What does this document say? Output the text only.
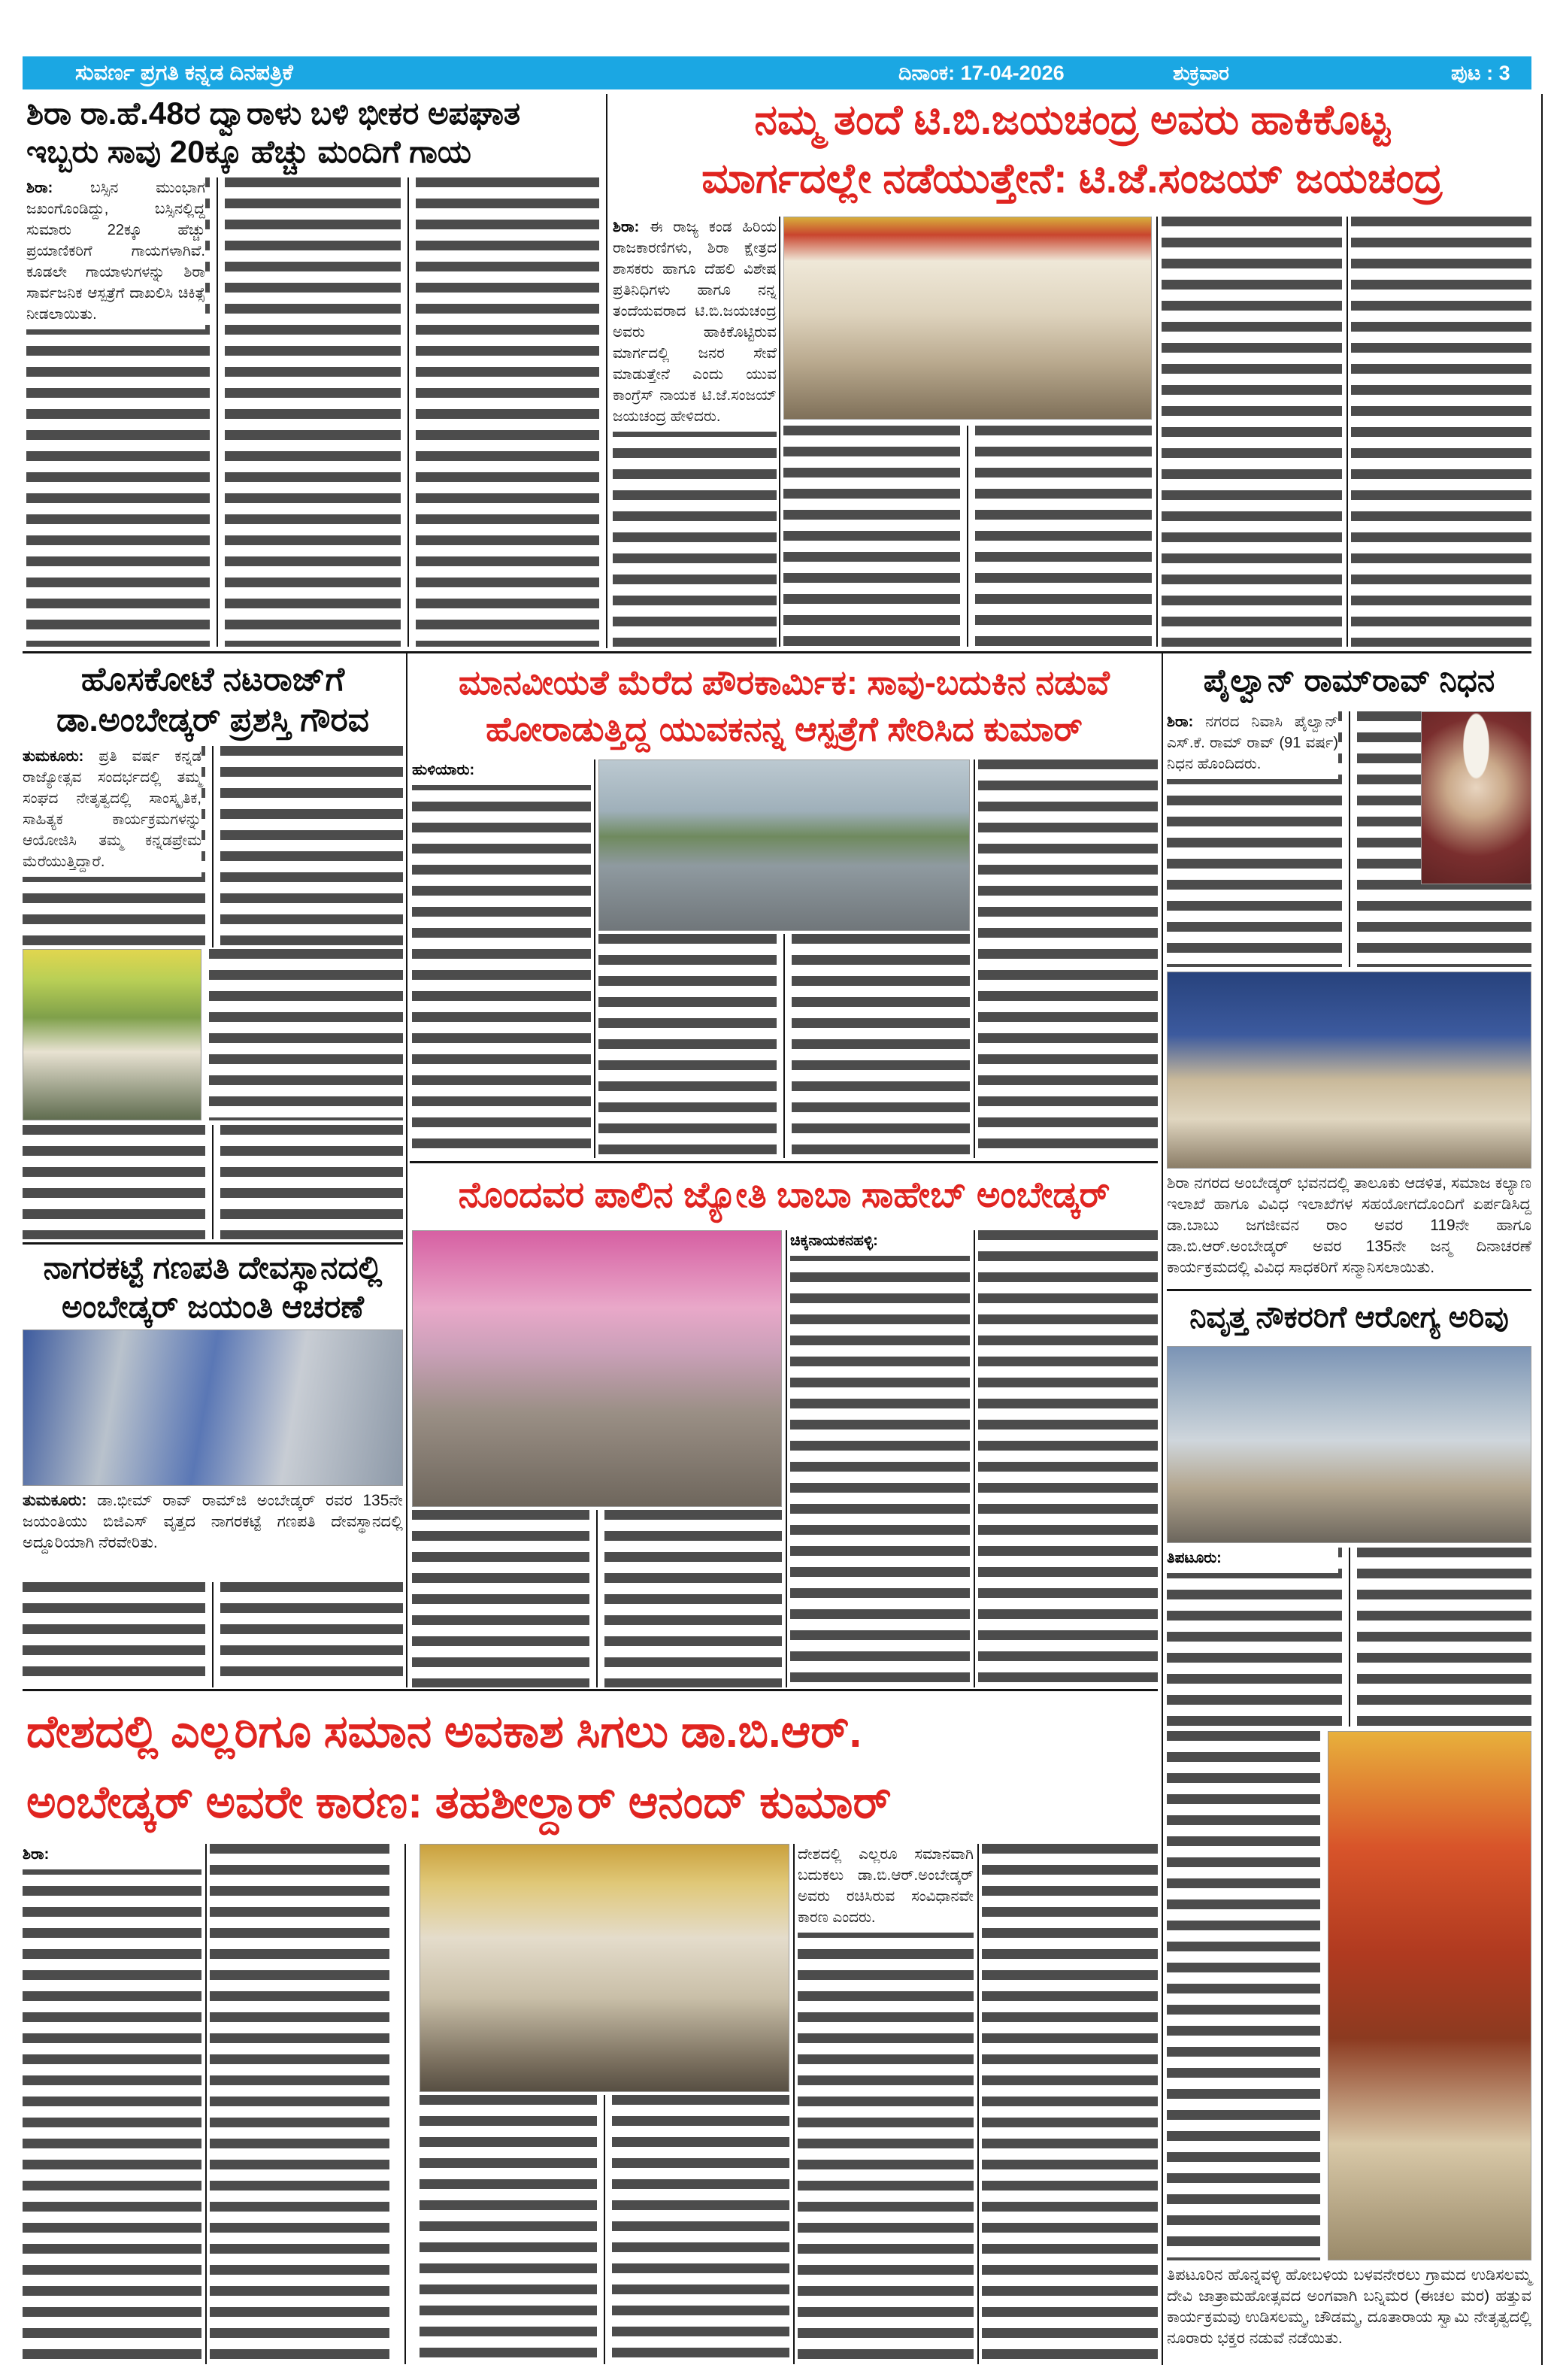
ಸುವರ್ಣ ಪ್ರಗತಿ ಕನ್ನಡ ದಿನಪತ್ರಿಕೆ	ದಿನಾಂಕ: 17-04-2026	ಶುಕ್ರವಾರ	ಪುಟ : 3
ಶಿರಾ ರಾ.ಹೆ.48ರ ದ್ವಾರಾಳು ಬಳಿ ಭೀಕರ ಅಪಘಾತ
ಇಬ್ಬರು ಸಾವು 20ಕ್ಕೂ ಹೆಚ್ಚು ಮಂದಿಗೆ ಗಾಯ
ಶಿರಾ: ಬಸ್ಸಿನ ಮುಂಭಾಗ ಜಖಂಗೊಂಡಿದ್ದು, ಬಸ್ಸಿನಲ್ಲಿದ್ದ ಸುಮಾರು 22ಕ್ಕೂ ಹೆಚ್ಚು ಪ್ರಯಾಣಿಕರಿಗೆ ಗಾಯಗಳಾಗಿವೆ. ಕೂಡಲೇ ಗಾಯಾಳುಗಳನ್ನು ಶಿರಾ ಸಾರ್ವಜನಿಕ ಆಸ್ಪತ್ರೆಗೆ ದಾಖಲಿಸಿ ಚಿಕಿತ್ಸೆ ನೀಡಲಾಯಿತು.
ನಮ್ಮ ತಂದೆ ಟಿ.ಬಿ.ಜಯಚಂದ್ರ ಅವರು ಹಾಕಿಕೊಟ್ಟ
ಮಾರ್ಗದಲ್ಲೇ ನಡೆಯುತ್ತೇನೆ: ಟಿ.ಜೆ.ಸಂಜಯ್ ಜಯಚಂದ್ರ
ಶಿರಾ: ಈ ರಾಜ್ಯ ಕಂಡ ಹಿರಿಯ ರಾಜಕಾರಣಿಗಳು, ಶಿರಾ ಕ್ಷೇತ್ರದ ಶಾಸಕರು ಹಾಗೂ ದೆಹಲಿ ವಿಶೇಷ ಪ್ರತಿನಿಧಿಗಳು ಹಾಗೂ ನನ್ನ ತಂದೆಯವರಾದ ಟಿ.ಬಿ.ಜಯಚಂದ್ರ ಅವರು ಹಾಕಿಕೊಟ್ಟಿರುವ ಮಾರ್ಗದಲ್ಲಿ ಜನರ ಸೇವೆ ಮಾಡುತ್ತೇನೆ ಎಂದು ಯುವ ಕಾಂಗ್ರೆಸ್ ನಾಯಕ ಟಿ.ಜೆ.ಸಂಜಯ್ ಜಯಚಂದ್ರ ಹೇಳಿದರು.
ಹೊಸಕೋಟೆ ನಟರಾಜ್‌ಗೆ
ಡಾ.ಅಂಬೇಡ್ಕರ್ ಪ್ರಶಸ್ತಿ ಗೌರವ
ತುಮಕೂರು: ಪ್ರತಿ ವರ್ಷ ಕನ್ನಡ ರಾಜ್ಯೋತ್ಸವ ಸಂದರ್ಭದಲ್ಲಿ ತಮ್ಮ ಸಂಘದ ನೇತೃತ್ವದಲ್ಲಿ ಸಾಂಸ್ಕೃತಿಕ, ಸಾಹಿತ್ಯಕ ಕಾರ್ಯಕ್ರಮಗಳನ್ನು ಆಯೋಜಿಸಿ ತಮ್ಮ ಕನ್ನಡಪ್ರೇಮ ಮೆರೆಯುತ್ತಿದ್ದಾರೆ.
ನಾಗರಕಟ್ಟೆ ಗಣಪತಿ ದೇವಸ್ಥಾನದಲ್ಲಿ
ಅಂಬೇಡ್ಕರ್ ಜಯಂತಿ ಆಚರಣೆ
ತುಮಕೂರು: ಡಾ.ಭೀಮ್ ರಾವ್ ರಾಮ್‌ಜಿ ಅಂಬೇಡ್ಕರ್ ರವರ 135ನೇ ಜಯಂತಿಯು ಬಿಜಿಎಸ್ ವೃತ್ತದ ನಾಗರಕಟ್ಟೆ ಗಣಪತಿ ದೇವಸ್ಥಾನದಲ್ಲಿ ಅದ್ದೂರಿಯಾಗಿ ನೆರವೇರಿತು.
ಮಾನವೀಯತೆ ಮೆರೆದ ಪೌರಕಾರ್ಮಿಕ: ಸಾವು-ಬದುಕಿನ ನಡುವೆ
ಹೋರಾಡುತ್ತಿದ್ದ ಯುವಕನನ್ನ ಆಸ್ಪತ್ರೆಗೆ ಸೇರಿಸಿದ ಕುಮಾರ್
ಹುಳಿಯಾರು:
ನೊಂದವರ ಪಾಲಿನ ಜ್ಯೋತಿ ಬಾಬಾ ಸಾಹೇಬ್ ಅಂಬೇಡ್ಕರ್
ಚಿಕ್ಕನಾಯಕನಹಳ್ಳಿ:
ಪೈಲ್ವಾನ್ ರಾಮ್‌ರಾವ್ ನಿಧನ
ಶಿರಾ: ನಗರದ ನಿವಾಸಿ ಪೈಲ್ವಾನ್ ಎಸ್.ಕೆ. ರಾಮ್ ರಾವ್ (91 ವರ್ಷ) ನಿಧನ ಹೊಂದಿದರು.
ಶಿರಾ ನಗರದ ಅಂಬೇಡ್ಕರ್ ಭವನದಲ್ಲಿ ತಾಲೂಕು ಆಡಳಿತ, ಸಮಾಜ ಕಲ್ಯಾಣ ಇಲಾಖೆ ಹಾಗೂ ವಿವಿಧ ಇಲಾಖೆಗಳ ಸಹಯೋಗದೊಂದಿಗೆ ಏರ್ಪಡಿಸಿದ್ದ ಡಾ.ಬಾಬು ಜಗಜೀವನ ರಾಂ ಅವರ 119ನೇ ಹಾಗೂ ಡಾ.ಬಿ.ಆರ್.ಅಂಬೇಡ್ಕರ್ ಅವರ 135ನೇ ಜನ್ಮ ದಿನಾಚರಣೆ ಕಾರ್ಯಕ್ರಮದಲ್ಲಿ ವಿವಿಧ ಸಾಧಕರಿಗೆ ಸನ್ಮಾನಿಸಲಾಯಿತು.
ನಿವೃತ್ತ ನೌಕರರಿಗೆ ಆರೋಗ್ಯ ಅರಿವು
ತಿಪಟೂರು:
ತಿಪಟೂರಿನ ಹೊನ್ನವಳ್ಳಿ ಹೋಬಳಿಯ ಬಳವನೇರಲು ಗ್ರಾಮದ ಉಡಿಸಲಮ್ಮ ದೇವಿ ಜಾತ್ರಾಮಹೋತ್ಸವದ ಅಂಗವಾಗಿ ಬನ್ನಿಮರ (ಈಚಲ ಮರ) ಹತ್ತುವ ಕಾರ್ಯಕ್ರಮವು ಉಡಿಸಲಮ್ಮ, ಚೌಡಮ್ಮ, ದೂತಾರಾಯ ಸ್ವಾಮಿ ನೇತೃತ್ವದಲ್ಲಿ ನೂರಾರು ಭಕ್ತರ ನಡುವೆ ನಡೆಯಿತು.
ದೇಶದಲ್ಲಿ ಎಲ್ಲರಿಗೂ ಸಮಾನ ಅವಕಾಶ ಸಿಗಲು ಡಾ.ಬಿ.ಆರ್.
ಅಂಬೇಡ್ಕರ್ ಅವರೇ ಕಾರಣ: ತಹಶೀಲ್ದಾರ್ ಆನಂದ್ ಕುಮಾರ್
ಶಿರಾ:	ದೇಶದಲ್ಲಿ ಎಲ್ಲರೂ ಸಮಾನವಾಗಿ ಬದುಕಲು ಡಾ.ಬಿ.ಆರ್.ಅಂಬೇಡ್ಕರ್ ಅವರು ರಚಿಸಿರುವ ಸಂವಿಧಾನವೇ ಕಾರಣ ಎಂದರು.
